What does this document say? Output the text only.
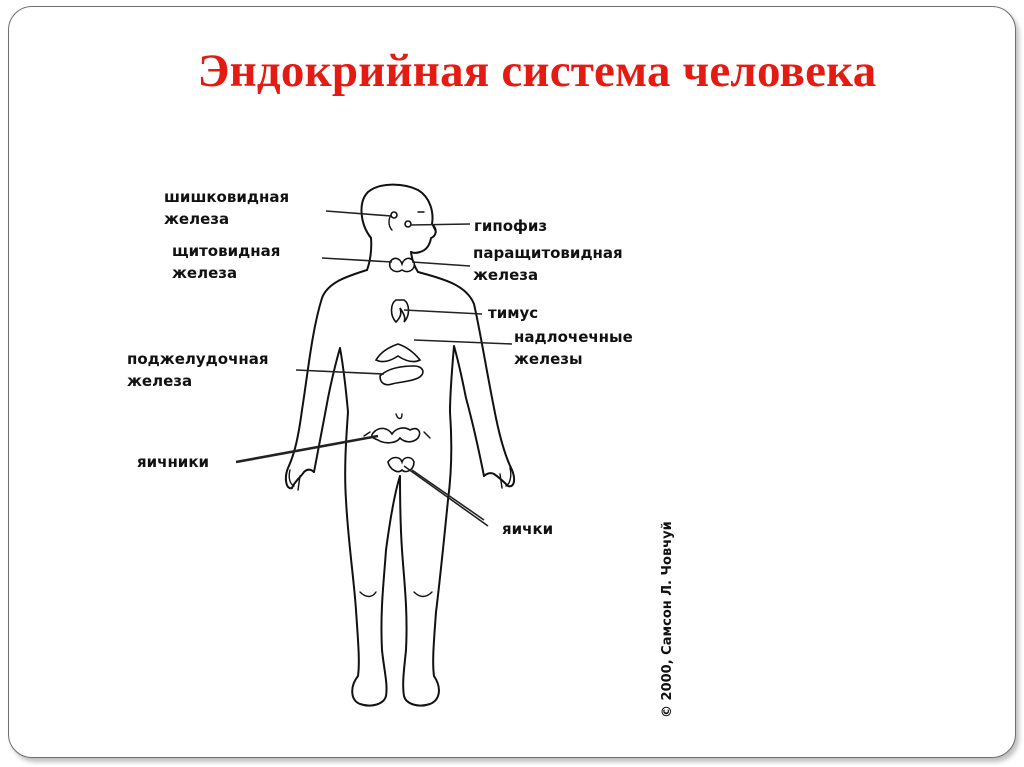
Эндокрийная система человека
шишковидная
железа
щитовидная
железа
поджелудочная
железа
яичники
гипофиз
паращитовидная
железа
тимус
надлочечные
железы
яички	© 2000, Самсон Л. Човчуй
